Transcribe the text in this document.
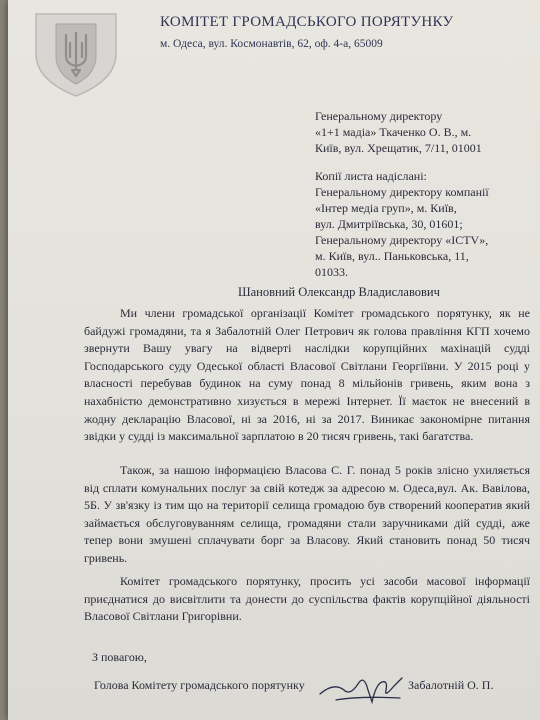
КОМІТЕТ ГРОМАДСЬКОГО ПОРЯТУНКУ
м. Одеса, вул. Космонавтів, 62, оф. 4-а, 65009
Генеральному директору
«1+1 мадіа» Ткаченко О. В., м.
Київ, вул. Хрещатик, 7/11, 01001
Копії листа надіслані:
Генеральному директору компанії
«Інтер медіа груп», м. Київ,
вул. Дмитріївська, 30, 01601;
Генеральному директору «ICTV»,
м. Київ, вул.. Паньковська, 11,
01033.
Шановний Олександр Владиславович

Ми члени громадської організації Комітет громадського порятунку, як не байдужі громадяни, та я Забалотній Олег Петрович як голова правління КГП хочемо звернути Вашу увагу на відверті наслідки корупційних махінацій судді Господарського суду Одеської області Власової Світлани Георгіївни. У 2015 році у власності перебував будинок на суму понад 8 мільйонів гривень, яким вона з нахабністю демонстративно хизується в мережі Інтернет. Її маєток не внесений в жодну декларацію Власової, ні за 2016, ні за 2017. Виникає закономірне питання звідки у судді із максимальної зарплатою в 20 тисяч гривень, такі багатства.

Також, за нашою інформацією Власова С. Г. понад 5 років злісно ухиляється від сплати комунальних послуг за свій котедж за адресою м. Одеса,вул. Ак. Вавілова, 5Б. У зв'язку із тим що на території селища громадою був створений кооператив який займається обслуговуванням селища, громадяни стали заручниками дій судді, аже тепер вони змушені сплачувати борг за Власову. Який становить понад 50 тисяч гривень.

Комітет громадського порятунку, просить усі засоби масової інформації приєднатися до висвітлити та донести до суспільства фактів корупційної діяльності Власової Світлани Григорівни.

З повагою,
Голова Комітету громадського порятунку	Забалотній О. П.
